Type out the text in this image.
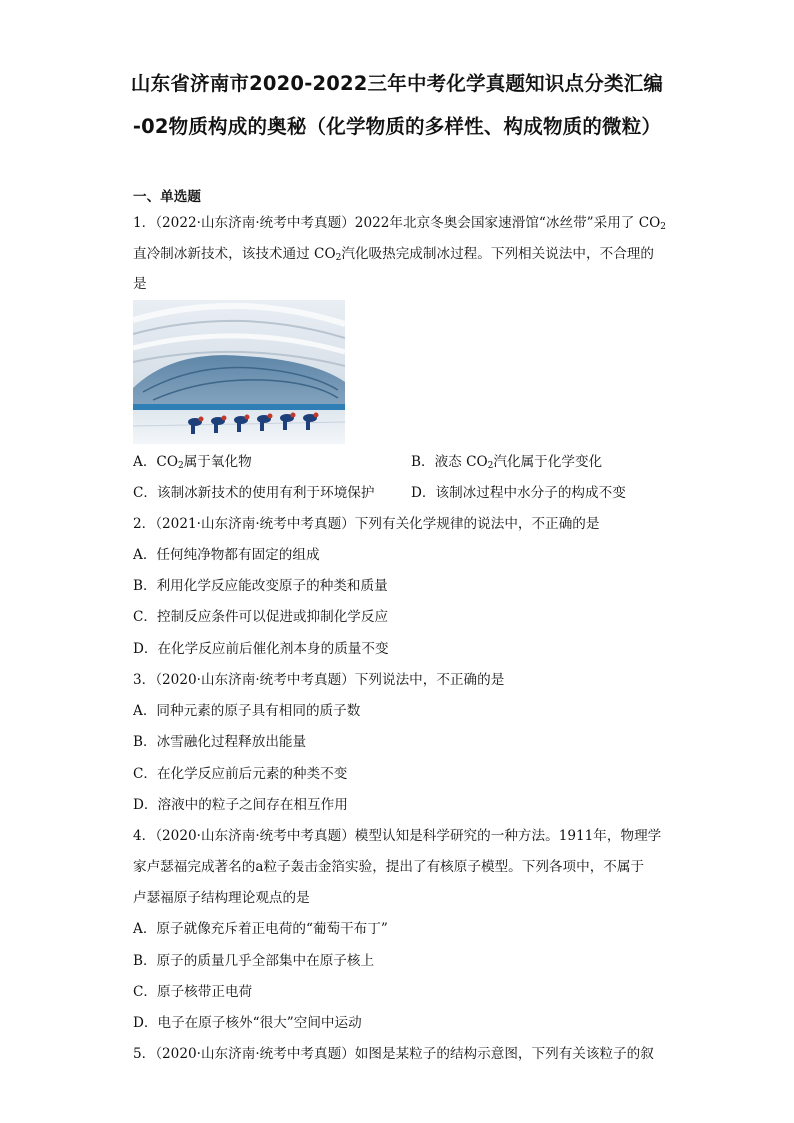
山东省济南市2020-2022三年中考化学真题知识点分类汇编
-02物质构成的奥秘（化学物质的多样性、构成物质的微粒）
一、单选题
1．（2022·山东济南·统考中考真题）2022年北京冬奥会国家速滑馆“冰丝带”采用了 $CO_2$
直冷制冰新技术，该技术通过 $CO_2$汽化吸热完成制冰过程。下列相关说法中，不合理的
是
A．$CO_2$属于氧化物	B．液态 $CO_2$汽化属于化学变化
C．该制冰新技术的使用有利于环境保护	D．该制冰过程中水分子的构成不变
2．（2021·山东济南·统考中考真题）下列有关化学规律的说法中，不正确的是
A．任何纯净物都有固定的组成
B．利用化学反应能改变原子的种类和质量
C．控制反应条件可以促进或抑制化学反应
D．在化学反应前后催化剂本身的质量不变
3．（2020·山东济南·统考中考真题）下列说法中，不正确的是
A．同种元素的原子具有相同的质子数
B．冰雪融化过程释放出能量
C．在化学反应前后元素的种类不变
D．溶液中的粒子之间存在相互作用
4．（2020·山东济南·统考中考真题）模型认知是科学研究的一种方法。1911年，物理学
家卢瑟福完成著名的a粒子轰击金箔实验，提出了有核原子模型。下列各项中，不属于
卢瑟福原子结构理论观点的是
A．原子就像充斥着正电荷的“葡萄干布丁”
B．原子的质量几乎全部集中在原子核上
C．原子核带正电荷
D．电子在原子核外“很大”空间中运动
5．（2020·山东济南·统考中考真题）如图是某粒子的结构示意图，下列有关该粒子的叙
